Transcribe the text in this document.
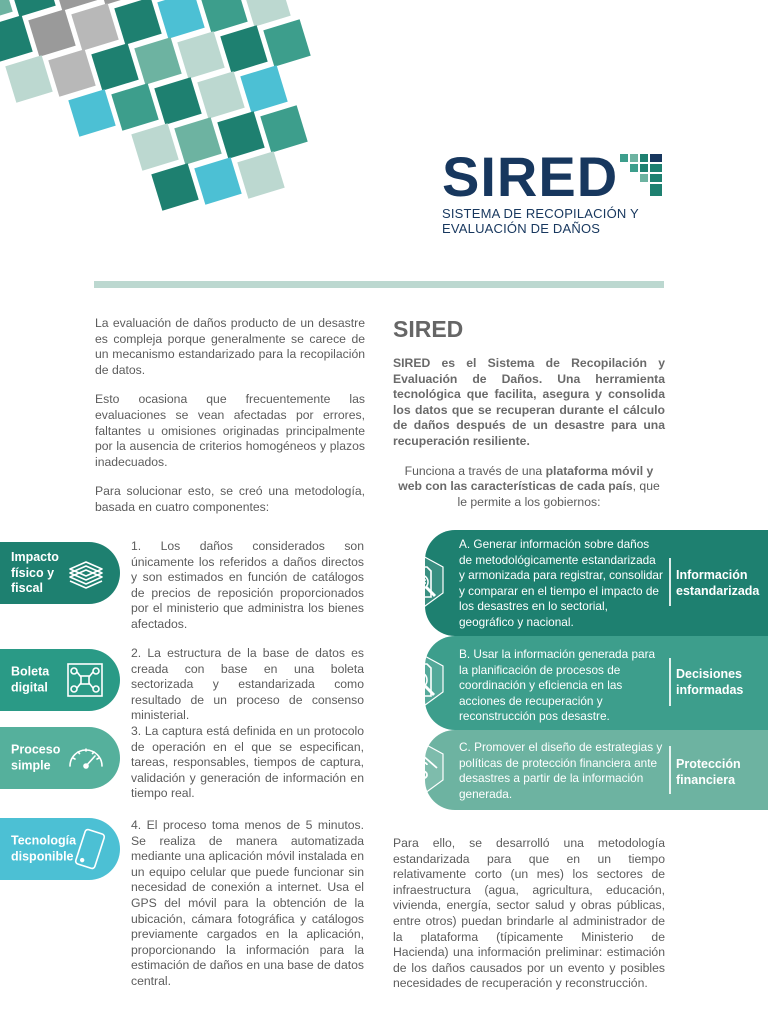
SIRED
SISTEMA DE RECOPILACIÓN Y
EVALUACIÓN DE DAÑOS

La evaluación de daños producto de un desastre es compleja porque generalmente se carece de un mecanismo estandarizado para la recopilación de datos.

Esto ocasiona que frecuentemente las evaluaciones se vean afectadas por errores, faltantes u omisiones originadas principalmente por la ausencia de criterios homogéneos y plazos inadecuados.

Para solucionar esto, se creó una metodología, basada en cuatro componentes:

Impacto físico y fiscal
1. Los daños considerados son únicamente los referidos a daños directos y son estimados en función de catálogos de precios de reposición proporcionados por el ministerio que administra los bienes afectados.
Boleta digital
2. La estructura de la base de datos es creada con base en una boleta sectorizada y estandarizada como resultado de un proceso de consenso ministerial.
Proceso simple
3. La captura está definida en un protocolo de operación en el que se especifican, tareas, responsables, tiempos de captura, validación y generación de información en tiempo real.
Tecnología disponible
4. El proceso toma menos de 5 minutos. Se realiza de manera automatizada mediante una aplicación móvil instalada en un equipo celular que puede funcionar sin necesidad de conexión a internet. Usa el GPS del móvil para la obtención de la ubicación, cámara fotográfica y catálogos previamente cargados en la aplicación, proporcionando la información para la estimación de daños en una base de datos central.
SIRED
SIRED es el Sistema de Recopilación y Evaluación de Daños. Una herramienta tecnológica que facilita, asegura y consolida los datos que se recuperan durante el cálculo de daños después de un desastre para una recuperación resiliente.
Funciona a través de una plataforma móvil y web con las características de cada país, que le permite a los gobiernos:
A. Generar información sobre daños de metodológicamente estandarizada y armonizada para registrar, consolidar y comparar en el tiempo el impacto de los desastres en lo sectorial, geográfico y nacional.
Información estandarizada
B. Usar la información generada para la planificación de procesos de coordinación y eficiencia en las acciones de recuperación y reconstrucción pos desastre.
Decisiones informadas
C. Promover el diseño de estrategias y políticas de protección financiera ante desastres a partir de la información generada.
Protección financiera
Para ello, se desarrolló una metodología estandarizada para que en un tiempo relativamente corto (un mes) los sectores de infraestructura (agua, agricultura, educación, vivienda, energía, sector salud y obras públicas, entre otros) puedan brindarle al administrador de la plataforma (típicamente Ministerio de Hacienda) una información preliminar: estimación de los daños causados por un evento y posibles necesidades de recuperación y reconstrucción.
